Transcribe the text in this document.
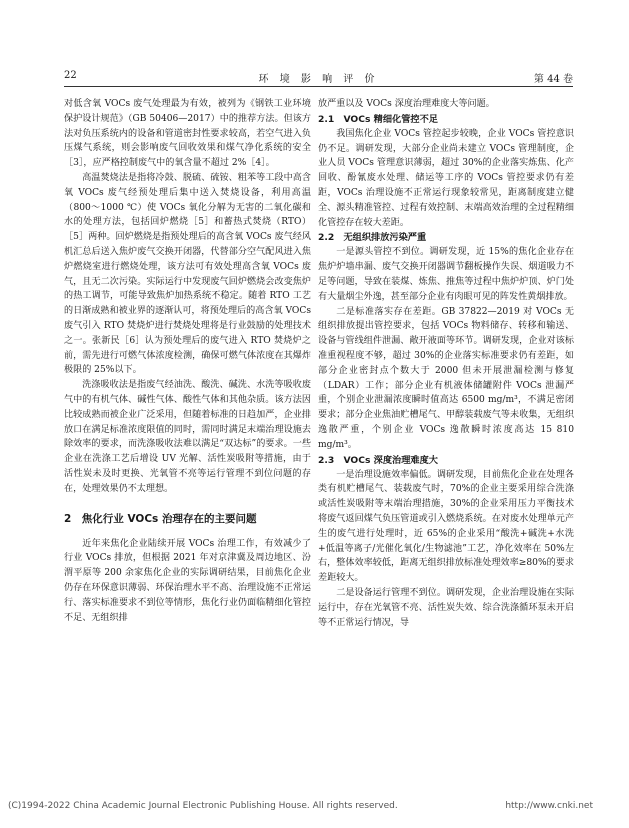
22	环 境 影 响 评 价	第 44 卷

对低含氧 VOCs 废气处理最为有效，被列为《钢铁工业环境保护设计规范》（GB 50406—2017）中的推荐方法。但该方法对负压系统内的设备和管道密封性要求较高，若空气进入负压煤气系统，则会影响废气回收效果和煤气净化系统的安全［3］，应严格控制废气中的氧含量不超过 2%［4］。

高温焚烧法是指将冷鼓、脱硫、硫铵、粗苯等工段中高含氧 VOCs 废气经预处理后集中送入焚烧设备，利用高温（800～1000 ℃）使 VOCs 氧化分解为无害的二氧化碳和水的处理方法，包括回炉燃烧［5］和蓄热式焚烧（RTO）［5］两种。回炉燃烧是指预处理后的高含氧 VOCs 废气经风机汇总后送入焦炉废气交换开闭器，代替部分空气配风进入焦炉燃烧室进行燃烧处理，该方法可有效处理高含氧 VOCs 废气，且无二次污染。实际运行中发现废气回炉燃烧会改变焦炉的热工调节，可能导致焦炉加热系统不稳定。随着 RTO 工艺的日渐成熟和被业界的逐渐认可，将预处理后的高含氧 VOCs 废气引入 RTO 焚烧炉进行焚烧处理将是行业鼓励的处理技术之一。张新民［6］认为预处理后的废气进入 RTO 焚烧炉之前，需先进行可燃气体浓度检测，确保可燃气体浓度在其爆炸极限的 25%以下。

洗涤吸收法是指废气经油洗、酸洗、碱洗、水洗等吸收废气中的有机气体、碱性气体、酸性气体和其他杂质。该方法因比较成熟而被企业广泛采用，但随着标准的日趋加严，企业排放口在满足标准浓度限值的同时，需同时满足末端治理设施去除效率的要求，而洗涤吸收法难以满足“双达标”的要求。一些企业在洗涤工艺后增设 UV 光解、活性炭吸附等措施，由于活性炭未及时更换、光氧管不亮等运行管理不到位问题的存在，处理效果仍不太理想。

2　焦化行业 VOCs 治理存在的主要问题

近年来焦化企业陆续开展 VOCs 治理工作，有效减少了行业 VOCs 排放，但根据 2021 年对京津冀及周边地区、汾渭平原等 200 余家焦化企业的实际调研结果，目前焦化企业仍存在环保意识薄弱、环保治理水平不高、治理设施不正常运行、落实标准要求不到位等情形，焦化行业仍面临精细化管控不足、无组织排

放严重以及 VOCs 深度治理难度大等问题。

2.1　VOCs 精细化管控不足

我国焦化企业 VOCs 管控起步较晚，企业 VOCs 管控意识仍不足。调研发现，大部分企业尚未建立 VOCs 管理制度，企业人员 VOCs 管理意识薄弱，超过 30%的企业落实炼焦、化产回收、酚氰废水处理、储运等工序的 VOCs 管控要求仍有差距，VOCs 治理设施不正常运行现象较常见，距离制度建立健全、源头精准管控、过程有效控制、末端高效治理的全过程精细化管控存在较大差距。

2.2　无组织排放污染严重

一是源头管控不到位。调研发现，近 15%的焦化企业存在焦炉炉墙串漏、废气交换开闭器调节翻板操作失误、烟道吸力不足等问题，导致在装煤、炼焦、推焦等过程中焦炉炉顶、炉门处有大量烟尘外逸，甚至部分企业有肉眼可见的阵发性黄烟排放。

二是标准落实存在差距。GB 37822—2019 对 VOCs 无组织排放提出管控要求，包括 VOCs 物料储存、转移和输送、设备与管线组件泄漏、敞开液面等环节。调研发现，企业对该标准重视程度不够，超过 30%的企业落实标准要求仍有差距，如部分企业密封点个数大于 2000 但未开展泄漏检测与修复（LDAR）工作；部分企业有机液体储罐附件 VOCs 泄漏严重，个别企业泄漏浓度瞬时值高达 6500 mg/m³，不满足密闭要求；部分企业焦油贮槽尾气、甲醇装载废气等未收集，无组织逸散严重，个别企业 VOCs 逸散瞬时浓度高达 15 810 mg/m³。

2.3　VOCs 深度治理难度大

一是治理设施效率偏低。调研发现，目前焦化企业在处理各类有机贮槽尾气、装载废气时，70%的企业主要采用综合洗涤或活性炭吸附等末端治理措施，30%的企业采用压力平衡技术将废气返回煤气负压管道或引入燃烧系统。在对废水处理单元产生的废气进行处理时，近 65%的企业采用“酸洗+碱洗+水洗+低温等离子/光催化氧化/生物滤池”工艺，净化效率在 50%左右，整体效率较低，距离无组织排放标准处理效率≥80%的要求差距较大。

二是设备运行管理不到位。调研发现，企业治理设施在实际运行中，存在光氧管不亮、活性炭失效、综合洗涤循环泵未开启等不正常运行情况，导

(C)1994-2022 China Academic Journal Electronic Publishing House. All rights reserved.	http://www.cnki.net
